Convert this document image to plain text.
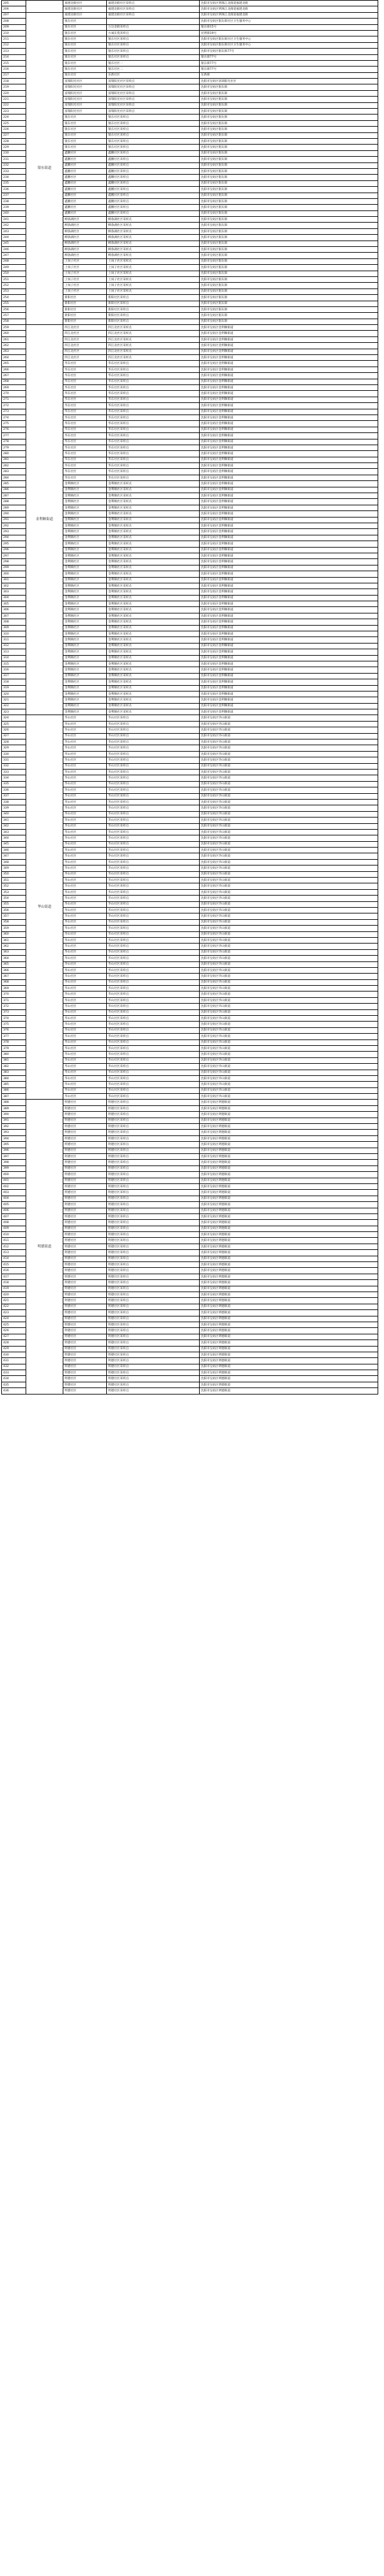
205		福建北街社区	福建北街社区采样点	沈阳市皇姑区明珠江北街道福建北街
206		福建北街社区	福建北街社区采样点	沈阳市皇姑区明珠江北街道福建北街
207	银东街道	福建北街社区	福建北街社区采样点	沈阳市皇姑区明珠江北街道福建北街
208		银东社区		沈阳市皇姑区银东街社区卫生服务中心
209		银东社区	万达金街采样点	银东街15号
210		银东社区	方诚东苑采样点	昆明街19号
211		银东社区	银东社区采样点	沈阳市皇姑区银东街社区卫生服务中心
212		银东社区	银东社区采样点	沈阳市皇姑区银东街社区卫生服务中心
213		银东社区	银东社区采样点	沈阳市皇姑区银东街77号
214		银东社区	银东社区采样点	银东街77号
215		银东社区	银东社区一	银东街77号
216		银东社区	银东社区二	银东街77号
217		银东社区	东新社区	东新街
218		富瑞阳光社区	富瑞阳光社区采样点	沈阳市皇姑区富瑞阳光社区
219		富瑞阳光社区	富瑞阳光社区采样点	沈阳市皇姑区银东街
220		富瑞阳光社区	富瑞阳光社区采样点	沈阳市皇姑区银东街
221		富瑞阳光社区	富瑞阳光社区采样点	沈阳市皇姑区银东街
222		富瑞阳光社区	富瑞阳光社区采样点	沈阳市皇姑区银东街
223		富瑞阳光社区	富瑞阳光社区采样点	沈阳市皇姑区银东街
224		银东社区	银东社区采样点	沈阳市皇姑区银东街
225		银东社区	银东社区采样点	沈阳市皇姑区银东街
226		银东社区	银东社区采样点	沈阳市皇姑区银东街
227		银东社区	银东社区采样点	沈阳市皇姑区银东街
228		银东社区	银东社区采样点	沈阳市皇姑区银东街
229		银东社区	银东社区采样点	沈阳市皇姑区银东街
230		鑫鹏社区	鑫鹏社区采样点	沈阳市皇姑区银东街
231		鑫鹏社区	鑫鹏社区采样点	沈阳市皇姑区银东街
232		鑫鹏社区	鑫鹏社区采样点	沈阳市皇姑区银东街
233		鑫鹏社区	鑫鹏社区采样点	沈阳市皇姑区银东街
234		鑫鹏社区	鑫鹏社区采样点	沈阳市皇姑区银东街
235		鑫鹏社区	鑫鹏社区采样点	沈阳市皇姑区银东街
236		鑫鹏社区	鑫鹏社区采样点	沈阳市皇姑区银东街
237		鑫鹏社区	鑫鹏社区采样点	沈阳市皇姑区银东街
238		鑫鹏社区	鑫鹏社区采样点	沈阳市皇姑区银东街
239		鑫鹏社区	鑫鹏社区采样点	沈阳市皇姑区银东街
240		鑫鹏社区	鑫鹏社区采样点	沈阳市皇姑区银东街
241		柳条湖社区	柳条湖社区采样点	沈阳市皇姑区银东街
242		柳条湖社区	柳条湖社区采样点	沈阳市皇姑区银东街
243		柳条湖社区	柳条湖社区采样点	沈阳市皇姑区银东街
244		柳条湖社区	柳条湖社区采样点	沈阳市皇姑区银东街
245		柳条湖社区	柳条湖社区采样点	沈阳市皇姑区银东街
246		柳条湖社区	柳条湖社区采样点	沈阳市皇姑区银东街
247		柳条湖社区	柳条湖社区采样点	沈阳市皇姑区银东街
248		上岗子社区	上岗子社区采样点	沈阳市皇姑区银东街
249		上岗子社区	上岗子社区采样点	沈阳市皇姑区银东街
250		上岗子社区	上岗子社区采样点	沈阳市皇姑区银东街
251		上岗子社区	上岗子社区采样点	沈阳市皇姑区银东街
252		上岗子社区	上岗子社区采样点	沈阳市皇姑区银东街
253		上岗子社区	上岗子社区采样点	沈阳市皇姑区银东街
254		新阳社区	新阳社区采样点	沈阳市皇姑区银东街
255		新阳社区	新阳社区采样点	沈阳市皇姑区银东街
256		新阳社区	新阳社区采样点	沈阳市皇姑区银东街
257		新阳社区	新阳社区采样点	沈阳市皇姑区银东街
258		新阳社区	新阳社区采样点	沈阳市皇姑区银东街
259	金利顺街道	四江北社区	四江北社区采样点	沈阳市皇姑区金利顺街道
260		四江北社区	四江北社区采样点	沈阳市皇姑区金利顺街道
261		四江北社区	四江北社区采样点	沈阳市皇姑区金利顺街道
262		四江北社区	四江北社区采样点	沈阳市皇姑区金利顺街道
263		四江北社区	四江北社区采样点	沈阳市皇姑区金利顺街道
264		四江北社区	四江北社区采样点	沈阳市皇姑区金利顺街道
265		华东社区	华东社区采样点	沈阳市皇姑区金利顺街道
266		华东社区	华东社区采样点	沈阳市皇姑区金利顺街道
267		华东社区	华东社区采样点	沈阳市皇姑区金利顺街道
268		华东社区	华东社区采样点	沈阳市皇姑区金利顺街道
269		华东社区	华东社区采样点	沈阳市皇姑区金利顺街道
270		华东社区	华东社区采样点	沈阳市皇姑区金利顺街道
271		华东社区	华东社区采样点	沈阳市皇姑区金利顺街道
272		华东社区	华东社区采样点	沈阳市皇姑区金利顺街道
273		华东社区	华东社区采样点	沈阳市皇姑区金利顺街道
274		华东社区	华东社区采样点	沈阳市皇姑区金利顺街道
275		华东社区	华东社区采样点	沈阳市皇姑区金利顺街道
276		华东社区	华东社区采样点	沈阳市皇姑区金利顺街道
277		华东社区	华东社区采样点	沈阳市皇姑区金利顺街道
278		华东社区	华东社区采样点	沈阳市皇姑区金利顺街道
279		华东社区	华东社区采样点	沈阳市皇姑区金利顺街道
280		华东社区	华东社区采样点	沈阳市皇姑区金利顺街道
281		华东社区	华东社区采样点	沈阳市皇姑区金利顺街道
282		华东社区	华东社区采样点	沈阳市皇姑区金利顺街道
283		华东社区	华东社区采样点	沈阳市皇姑区金利顺街道
284		华东社区	华东社区采样点	沈阳市皇姑区金利顺街道
285		金利顺社区	金利顺社区采样点	沈阳市皇姑区金利顺街道
286		金利顺社区	金利顺社区采样点	沈阳市皇姑区金利顺街道
287		金利顺社区	金利顺社区采样点	沈阳市皇姑区金利顺街道
288		金利顺社区	金利顺社区采样点	沈阳市皇姑区金利顺街道
289		金利顺社区	金利顺社区采样点	沈阳市皇姑区金利顺街道
290		金利顺社区	金利顺社区采样点	沈阳市皇姑区金利顺街道
291		金利顺社区	金利顺社区采样点	沈阳市皇姑区金利顺街道
292		金利顺社区	金利顺社区采样点	沈阳市皇姑区金利顺街道
293		金利顺社区	金利顺社区采样点	沈阳市皇姑区金利顺街道
294		金利顺社区	金利顺社区采样点	沈阳市皇姑区金利顺街道
295		金利顺社区	金利顺社区采样点	沈阳市皇姑区金利顺街道
296		金利顺社区	金利顺社区采样点	沈阳市皇姑区金利顺街道
297		金利顺社区	金利顺社区采样点	沈阳市皇姑区金利顺街道
298		金利顺社区	金利顺社区采样点	沈阳市皇姑区金利顺街道
299		金利顺社区	金利顺社区采样点	沈阳市皇姑区金利顺街道
300		金利顺社区	金利顺社区采样点	沈阳市皇姑区金利顺街道
301		金利顺社区	金利顺社区采样点	沈阳市皇姑区金利顺街道
302		金利顺社区	金利顺社区采样点	沈阳市皇姑区金利顺街道
303		金利顺社区	金利顺社区采样点	沈阳市皇姑区金利顺街道
304		金利顺社区	金利顺社区采样点	沈阳市皇姑区金利顺街道
305		金利顺社区	金利顺社区采样点	沈阳市皇姑区金利顺街道
306		金利顺社区	金利顺社区采样点	沈阳市皇姑区金利顺街道
307		金利顺社区	金利顺社区采样点	沈阳市皇姑区金利顺街道
308		金利顺社区	金利顺社区采样点	沈阳市皇姑区金利顺街道
309		金利顺社区	金利顺社区采样点	沈阳市皇姑区金利顺街道
310		金利顺社区	金利顺社区采样点	沈阳市皇姑区金利顺街道
311		金利顺社区	金利顺社区采样点	沈阳市皇姑区金利顺街道
312		金利顺社区	金利顺社区采样点	沈阳市皇姑区金利顺街道
313		金利顺社区	金利顺社区采样点	沈阳市皇姑区金利顺街道
314		金利顺社区	金利顺社区采样点	沈阳市皇姑区金利顺街道
315		金利顺社区	金利顺社区采样点	沈阳市皇姑区金利顺街道
316		金利顺社区	金利顺社区采样点	沈阳市皇姑区金利顺街道
317		金利顺社区	金利顺社区采样点	沈阳市皇姑区金利顺街道
318		金利顺社区	金利顺社区采样点	沈阳市皇姑区金利顺街道
319		金利顺社区	金利顺社区采样点	沈阳市皇姑区金利顺街道
320		金利顺社区	金利顺社区采样点	沈阳市皇姑区金利顺街道
321		金利顺社区	金利顺社区采样点	沈阳市皇姑区金利顺街道
322		金利顺社区	金利顺社区采样点	沈阳市皇姑区金利顺街道
323		金利顺社区	金利顺社区采样点	沈阳市皇姑区金利顺街道
324	华山街道	华山社区	华山社区采样点	沈阳市皇姑区华山街道
325		华山社区	华山社区采样点	沈阳市皇姑区华山街道
326		华山社区	华山社区采样点	沈阳市皇姑区华山街道
327		华山社区	华山社区采样点	沈阳市皇姑区华山街道
328		华山社区	华山社区采样点	沈阳市皇姑区华山街道
329		华山社区	华山社区采样点	沈阳市皇姑区华山街道
330		华山社区	华山社区采样点	沈阳市皇姑区华山街道
331		华山社区	华山社区采样点	沈阳市皇姑区华山街道
332		华山社区	华山社区采样点	沈阳市皇姑区华山街道
333		华山社区	华山社区采样点	沈阳市皇姑区华山街道
334		华山社区	华山社区采样点	沈阳市皇姑区华山街道
335		华山社区	华山社区采样点	沈阳市皇姑区华山街道
336		华山社区	华山社区采样点	沈阳市皇姑区华山街道
337		华山社区	华山社区采样点	沈阳市皇姑区华山街道
338		华山社区	华山社区采样点	沈阳市皇姑区华山街道
339		华山社区	华山社区采样点	沈阳市皇姑区华山街道
340		华山社区	华山社区采样点	沈阳市皇姑区华山街道
341		华山社区	华山社区采样点	沈阳市皇姑区华山街道
342		华山社区	华山社区采样点	沈阳市皇姑区华山街道
343		华山社区	华山社区采样点	沈阳市皇姑区华山街道
344		华山社区	华山社区采样点	沈阳市皇姑区华山街道
345		华山社区	华山社区采样点	沈阳市皇姑区华山街道
346		华山社区	华山社区采样点	沈阳市皇姑区华山街道
347		华山社区	华山社区采样点	沈阳市皇姑区华山街道
348		华山社区	华山社区采样点	沈阳市皇姑区华山街道
349		华山社区	华山社区采样点	沈阳市皇姑区华山街道
350		华山社区	华山社区采样点	沈阳市皇姑区华山街道
351		华山社区	华山社区采样点	沈阳市皇姑区华山街道
352		华山社区	华山社区采样点	沈阳市皇姑区华山街道
353		华山社区	华山社区采样点	沈阳市皇姑区华山街道
354		华山社区	华山社区采样点	沈阳市皇姑区华山街道
355		华山社区	华山社区采样点	沈阳市皇姑区华山街道
356		华山社区	华山社区采样点	沈阳市皇姑区华山街道
357		华山社区	华山社区采样点	沈阳市皇姑区华山街道
358		华山社区	华山社区采样点	沈阳市皇姑区华山街道
359		华山社区	华山社区采样点	沈阳市皇姑区华山街道
360		华山社区	华山社区采样点	沈阳市皇姑区华山街道
361		华山社区	华山社区采样点	沈阳市皇姑区华山街道
362		华山社区	华山社区采样点	沈阳市皇姑区华山街道
363		华山社区	华山社区采样点	沈阳市皇姑区华山街道
364		华山社区	华山社区采样点	沈阳市皇姑区华山街道
365		华山社区	华山社区采样点	沈阳市皇姑区华山街道
366		华山社区	华山社区采样点	沈阳市皇姑区华山街道
367		华山社区	华山社区采样点	沈阳市皇姑区华山街道
368		华山社区	华山社区采样点	沈阳市皇姑区华山街道
369		华山社区	华山社区采样点	沈阳市皇姑区华山街道
370		华山社区	华山社区采样点	沈阳市皇姑区华山街道
371		华山社区	华山社区采样点	沈阳市皇姑区华山街道
372		华山社区	华山社区采样点	沈阳市皇姑区华山街道
373		华山社区	华山社区采样点	沈阳市皇姑区华山街道
374		华山社区	华山社区采样点	沈阳市皇姑区华山街道
375		华山社区	华山社区采样点	沈阳市皇姑区华山街道
376		华山社区	华山社区采样点	沈阳市皇姑区华山街道
377		华山社区	华山社区采样点	沈阳市皇姑区华山街道
378		华山社区	华山社区采样点	沈阳市皇姑区华山街道
379		华山社区	华山社区采样点	沈阳市皇姑区华山街道
380		华山社区	华山社区采样点	沈阳市皇姑区华山街道
381		华山社区	华山社区采样点	沈阳市皇姑区华山街道
382		华山社区	华山社区采样点	沈阳市皇姑区华山街道
383		华山社区	华山社区采样点	沈阳市皇姑区华山街道
384		华山社区	华山社区采样点	沈阳市皇姑区华山街道
385		华山社区	华山社区采样点	沈阳市皇姑区华山街道
386		华山社区	华山社区采样点	沈阳市皇姑区华山街道
387		华山社区	华山社区采样点	沈阳市皇姑区华山街道
388	明德街道	明德社区	明德社区采样点	沈阳市皇姑区明德街道
389		明德社区	明德社区采样点	沈阳市皇姑区明德街道
390		明德社区	明德社区采样点	沈阳市皇姑区明德街道
391		明德社区	明德社区采样点	沈阳市皇姑区明德街道
392		明德社区	明德社区采样点	沈阳市皇姑区明德街道
393		明德社区	明德社区采样点	沈阳市皇姑区明德街道
394		明德社区	明德社区采样点	沈阳市皇姑区明德街道
395		明德社区	明德社区采样点	沈阳市皇姑区明德街道
396		明德社区	明德社区采样点	沈阳市皇姑区明德街道
397		明德社区	明德社区采样点	沈阳市皇姑区明德街道
398		明德社区	明德社区采样点	沈阳市皇姑区明德街道
399		明德社区	明德社区采样点	沈阳市皇姑区明德街道
400		明德社区	明德社区采样点	沈阳市皇姑区明德街道
401		明德社区	明德社区采样点	沈阳市皇姑区明德街道
402		明德社区	明德社区采样点	沈阳市皇姑区明德街道
403		明德社区	明德社区采样点	沈阳市皇姑区明德街道
404		明德社区	明德社区采样点	沈阳市皇姑区明德街道
405		明德社区	明德社区采样点	沈阳市皇姑区明德街道
406		明德社区	明德社区采样点	沈阳市皇姑区明德街道
407		明德社区	明德社区采样点	沈阳市皇姑区明德街道
408		明德社区	明德社区采样点	沈阳市皇姑区明德街道
409		明德社区	明德社区采样点	沈阳市皇姑区明德街道
410		明德社区	明德社区采样点	沈阳市皇姑区明德街道
411		明德社区	明德社区采样点	沈阳市皇姑区明德街道
412		明德社区	明德社区采样点	沈阳市皇姑区明德街道
413		明德社区	明德社区采样点	沈阳市皇姑区明德街道
414		明德社区	明德社区采样点	沈阳市皇姑区明德街道
415		明德社区	明德社区采样点	沈阳市皇姑区明德街道
416		明德社区	明德社区采样点	沈阳市皇姑区明德街道
417		明德社区	明德社区采样点	沈阳市皇姑区明德街道
418		明德社区	明德社区采样点	沈阳市皇姑区明德街道
419		明德社区	明德社区采样点	沈阳市皇姑区明德街道
420		明德社区	明德社区采样点	沈阳市皇姑区明德街道
421		明德社区	明德社区采样点	沈阳市皇姑区明德街道
422		明德社区	明德社区采样点	沈阳市皇姑区明德街道
423		明德社区	明德社区采样点	沈阳市皇姑区明德街道
424		明德社区	明德社区采样点	沈阳市皇姑区明德街道
425		明德社区	明德社区采样点	沈阳市皇姑区明德街道
426		明德社区	明德社区采样点	沈阳市皇姑区明德街道
427		明德社区	明德社区采样点	沈阳市皇姑区明德街道
428		明德社区	明德社区采样点	沈阳市皇姑区明德街道
429		明德社区	明德社区采样点	沈阳市皇姑区明德街道
430		明德社区	明德社区采样点	沈阳市皇姑区明德街道
431		明德社区	明德社区采样点	沈阳市皇姑区明德街道
432		明德社区	明德社区采样点	沈阳市皇姑区明德街道
433		明德社区	明德社区采样点	沈阳市皇姑区明德街道
434		明德社区	明德社区采样点	沈阳市皇姑区明德街道
435		明德社区	明德社区采样点	沈阳市皇姑区明德街道
436		明德社区	明德社区采样点	沈阳市皇姑区明德街道
